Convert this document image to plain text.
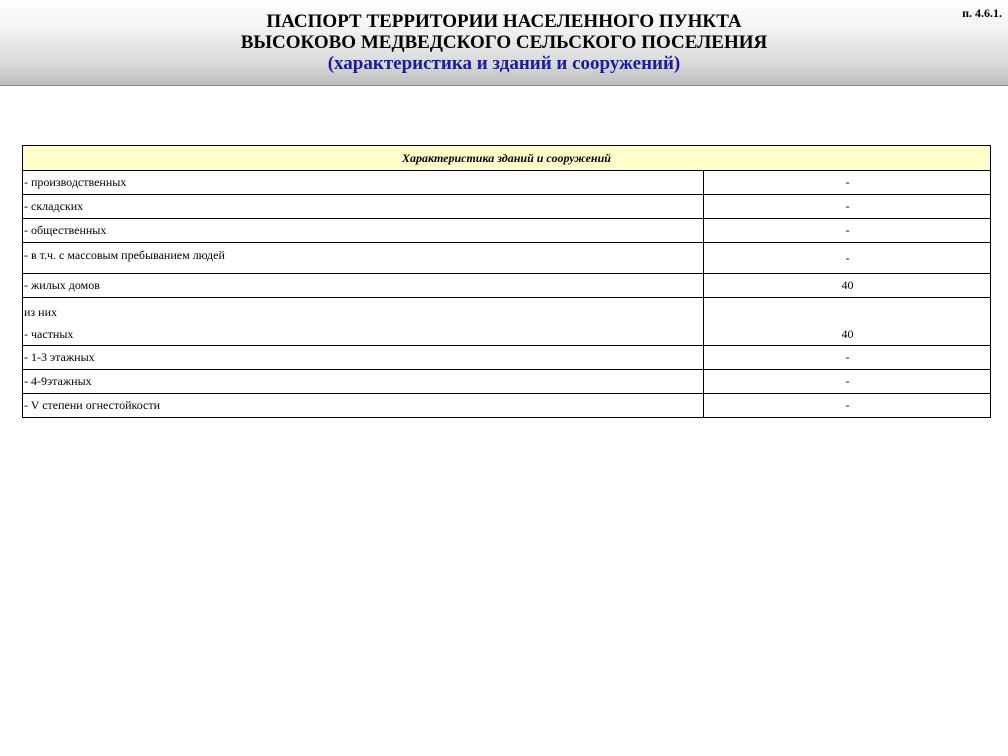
ПАСПОРТ ТЕРРИТОРИИ НАСЕЛЕННОГО ПУНКТА
ВЫСОКОВО МЕДВЕДСКОГО СЕЛЬСКОГО ПОСЕЛЕНИЯ
(характеристика и зданий и сооружений)
п. 4.6.1.
Характеристика зданий и сооружений	
- производственных	-
- складских	-
- общественных	-
- в т.ч. с массовым пребыванием людей	-
- жилых домов	40

из них
- частных	40
- 1-3 этажных	-
- 4-9этажных	-
- V степени огнестойкости	-
